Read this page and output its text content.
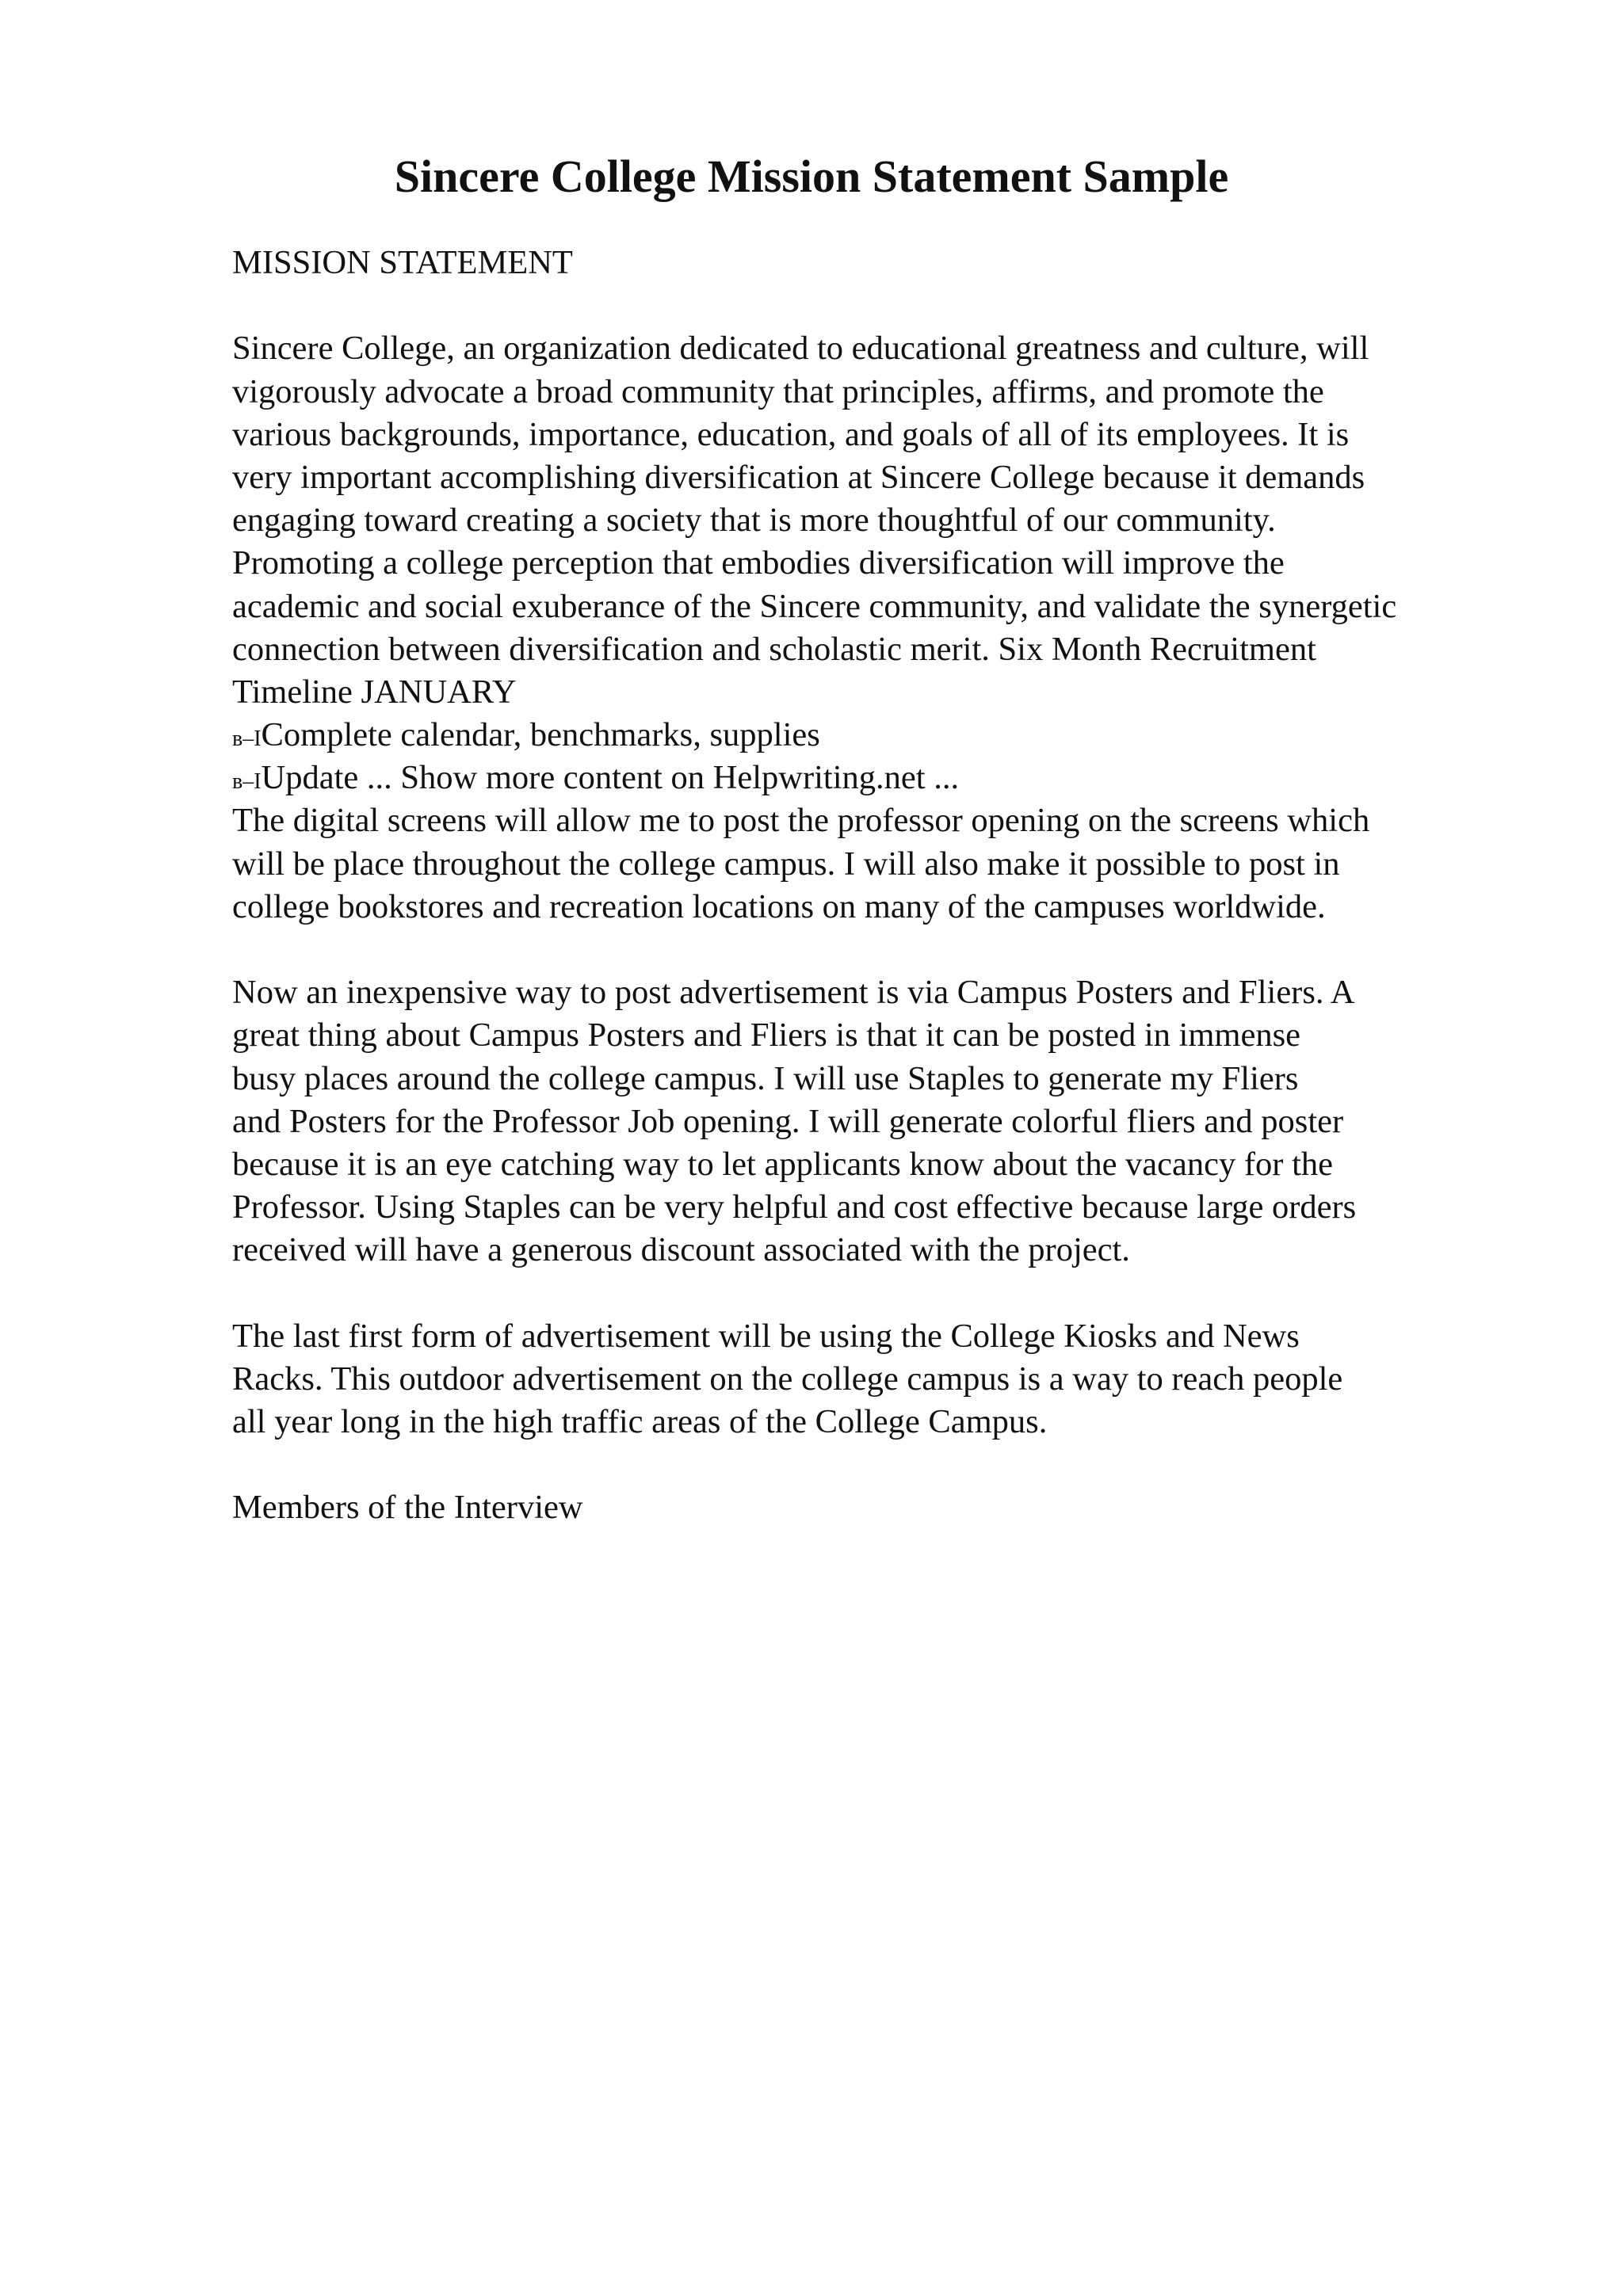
Sincere College Mission Statement Sample
MISSION STATEMENT
Sincere College, an organization dedicated to educational greatness and culture, will
vigorously advocate a broad community that principles, affirms, and promote the
various backgrounds, importance, education, and goals of all of its employees. It is
very important accomplishing diversification at Sincere College because it demands
engaging toward creating a society that is more thoughtful of our community.
Promoting a college perception that embodies diversification will improve the
academic and social exuberance of the Sincere community, and validate the synergetic
connection between diversification and scholastic merit. Six Month Recruitment
Timeline JANUARY
в–IComplete calendar, benchmarks, supplies
в–IUpdate ... Show more content on Helpwriting.net ...
The digital screens will allow me to post the professor opening on the screens which
will be place throughout the college campus. I will also make it possible to post in
college bookstores and recreation locations on many of the campuses worldwide.
Now an inexpensive way to post advertisement is via Campus Posters and Fliers. A
great thing about Campus Posters and Fliers is that it can be posted in immense
busy places around the college campus. I will use Staples to generate my Fliers
and Posters for the Professor Job opening. I will generate colorful fliers and poster
because it is an eye catching way to let applicants know about the vacancy for the
Professor. Using Staples can be very helpful and cost effective because large orders
received will have a generous discount associated with the project.
The last first form of advertisement will be using the College Kiosks and News
Racks. This outdoor advertisement on the college campus is a way to reach people
all year long in the high traffic areas of the College Campus.
Members of the Interview
